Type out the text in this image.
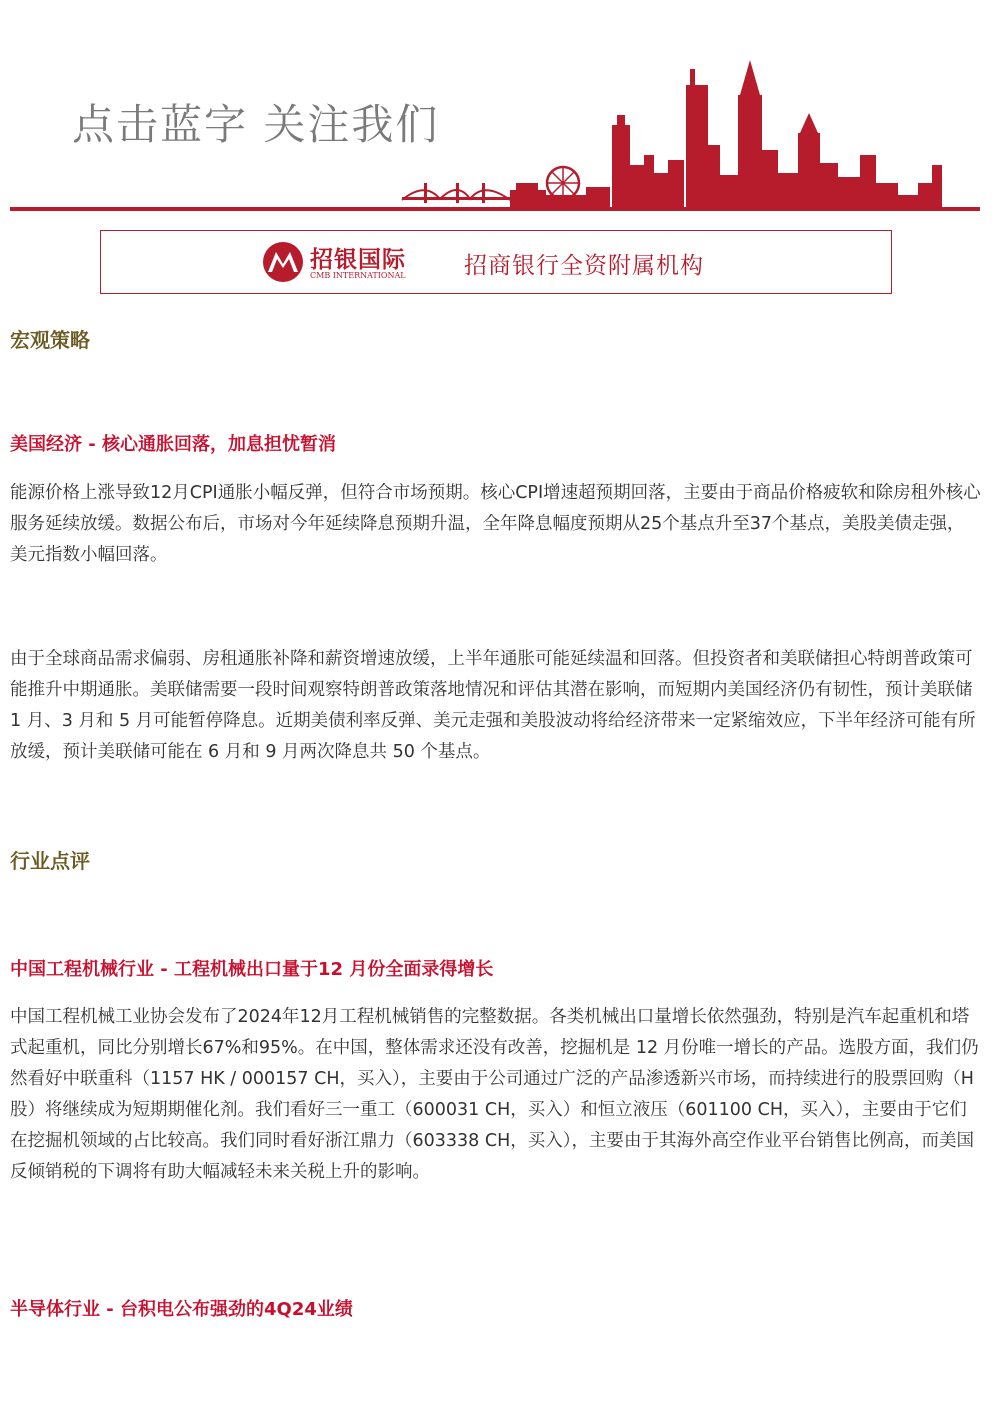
点击蓝字 关注我们
招银国际
CMB INTERNATIONAL	招商银行全资附属机构
宏观策略
美国经济 - 核心通胀回落，加息担忧暂消

能源价格上涨导致12月CPI通胀小幅反弹，但符合市场预期。核心CPI增速超预期回落，主要由于商品价格疲软和除房租外核心服务延续放缓。数据公布后，市场对今年延续降息预期升温，全年降息幅度预期从25个基点升至37个基点，美股美债走强，美元指数小幅回落。

由于全球商品需求偏弱、房租通胀补降和薪资增速放缓，上半年通胀可能延续温和回落。但投资者和美联储担心特朗普政策可能推升中期通胀。美联储需要一段时间观察特朗普政策落地情况和评估其潜在影响，而短期内美国经济仍有韧性，预计美联储1 月、3 月和 5 月可能暂停降息。近期美债利率反弹、美元走强和美股波动将给经济带来一定紧缩效应，下半年经济可能有所放缓，预计美联储可能在 6 月和 9 月两次降息共 50 个基点。

行业点评
中国工程机械行业 - 工程机械出口量于12 月份全面录得增长

中国工程机械工业协会发布了2024年12月工程机械销售的完整数据。各类机械出口量增长依然强劲，特别是汽车起重机和塔式起重机，同比分别增长67%和95%。在中国，整体需求还没有改善，挖掘机是 12 月份唯一增长的产品。选股方面，我们仍然看好中联重科（1157 HK / 000157 CH，买入），主要由于公司通过广泛的产品渗透新兴市场，而持续进行的股票回购（H股）将继续成为短期期催化剂。我们看好三一重工（600031 CH，买入）和恒立液压（601100 CH，买入），主要由于它们在挖掘机领域的占比较高。我们同时看好浙江鼎力（603338 CH，买入），主要由于其海外高空作业平台销售比例高，而美国反倾销税的下调将有助大幅减轻未来关税上升的影响。

半导体行业 - 台积电公布强劲的4Q24业绩
